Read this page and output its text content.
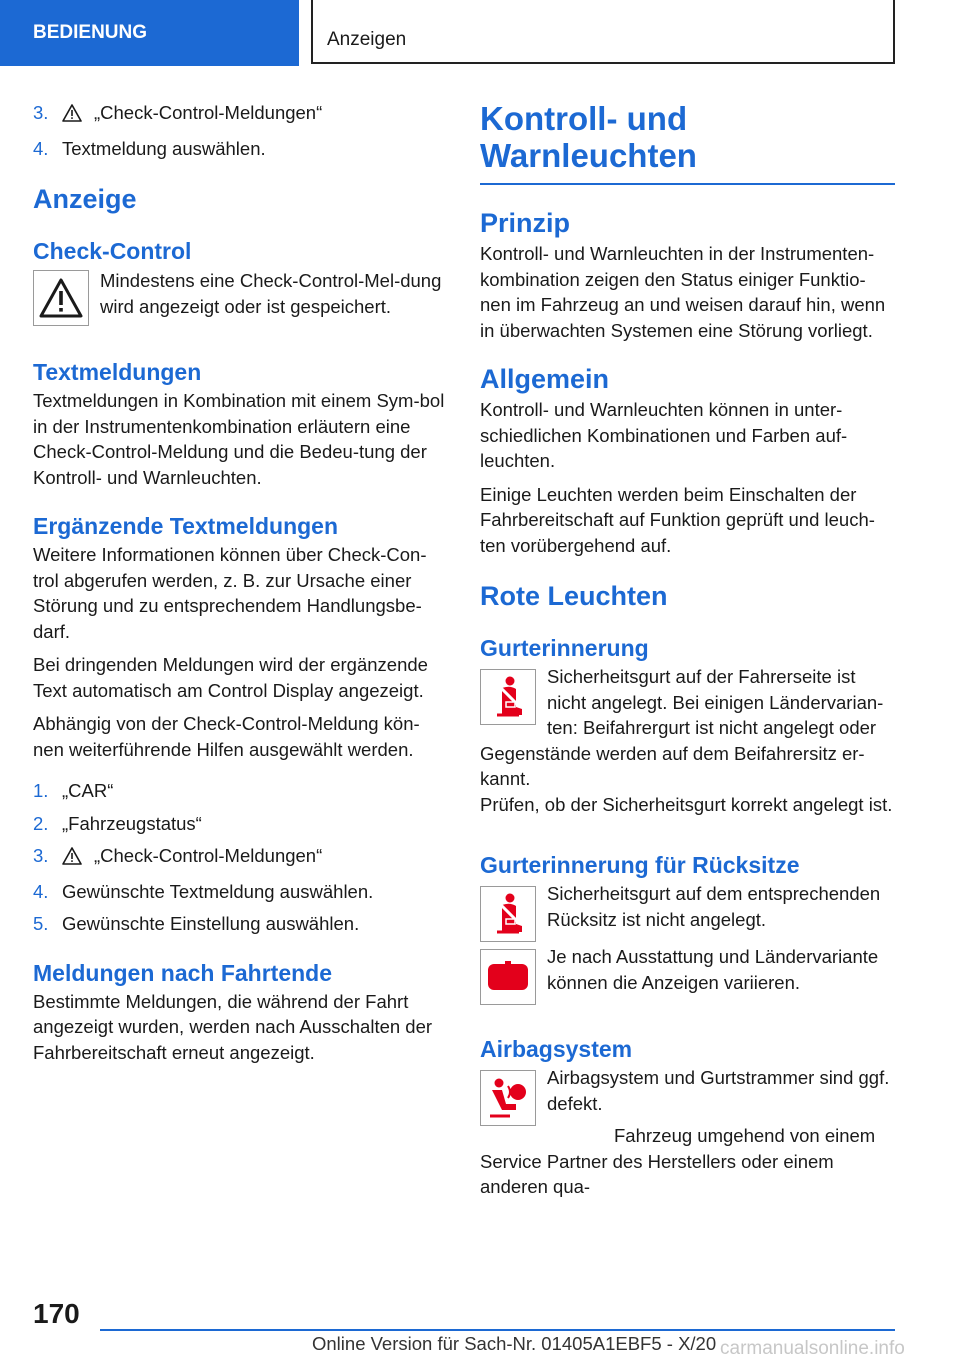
BEDIENUNG	Anzeigen
3. „Check-Control-Meldungen“
4. Textmeldung auswählen.
Anzeige
Check-Control

Mindestens eine Check-Control-Mel-dung wird angezeigt oder ist gespeichert.

Textmeldungen

Textmeldungen in Kombination mit einem Sym-bol in der Instrumentenkombination erläutern eine Check-Control-Meldung und die Bedeu-tung der Kontroll- und Warnleuchten.

Ergänzende Textmeldungen

Weitere Informationen können über Check-Con-trol abgerufen werden, z. B. zur Ursache einer Störung und zu entsprechendem Handlungsbe-darf.

Bei dringenden Meldungen wird der ergänzende Text automatisch am Control Display angezeigt.

Abhängig von der Check-Control-Meldung kön-nen weiterführende Hilfen ausgewählt werden.

1. „CAR“
2. „Fahrzeugstatus“
3. „Check-Control-Meldungen“
4. Gewünschte Textmeldung auswählen.
5. Gewünschte Einstellung auswählen.
Meldungen nach Fahrtende

Bestimmte Meldungen, die während der Fahrt angezeigt wurden, werden nach Ausschalten der Fahrbereitschaft erneut angezeigt.

Kontroll- und
Warnleuchten
Prinzip

Kontroll- und Warnleuchten in der Instrumenten-kombination zeigen den Status einiger Funktio-nen im Fahrzeug an und weisen darauf hin, wenn in überwachten Systemen eine Störung vorliegt.

Allgemein

Kontroll- und Warnleuchten können in unter-schiedlichen Kombinationen und Farben auf-leuchten.

Einige Leuchten werden beim Einschalten der Fahrbereitschaft auf Funktion geprüft und leuch-ten vorübergehend auf.

Rote Leuchten
Gurterinnerung

Sicherheitsgurt auf der Fahrerseite ist nicht angelegt. Bei einigen Ländervarian-ten: Beifahrergurt ist nicht angelegt oder Gegenstände werden auf dem Beifahrersitz er-kannt.

Prüfen, ob der Sicherheitsgurt korrekt angelegt ist.

Gurterinnerung für Rücksitze

Sicherheitsgurt auf dem entsprechenden Rücksitz ist nicht angelegt.

Je nach Ausstattung und Ländervariante können die Anzeigen variieren.

Airbagsystem

Airbagsystem und Gurtstrammer sind ggf. defekt.

Fahrzeug umgehend von einem Service Partner des Herstellers oder einem anderen qua-

170
Online Version für Sach-Nr. 01405A1EBF5 - X/20 carmanualsonline.info
